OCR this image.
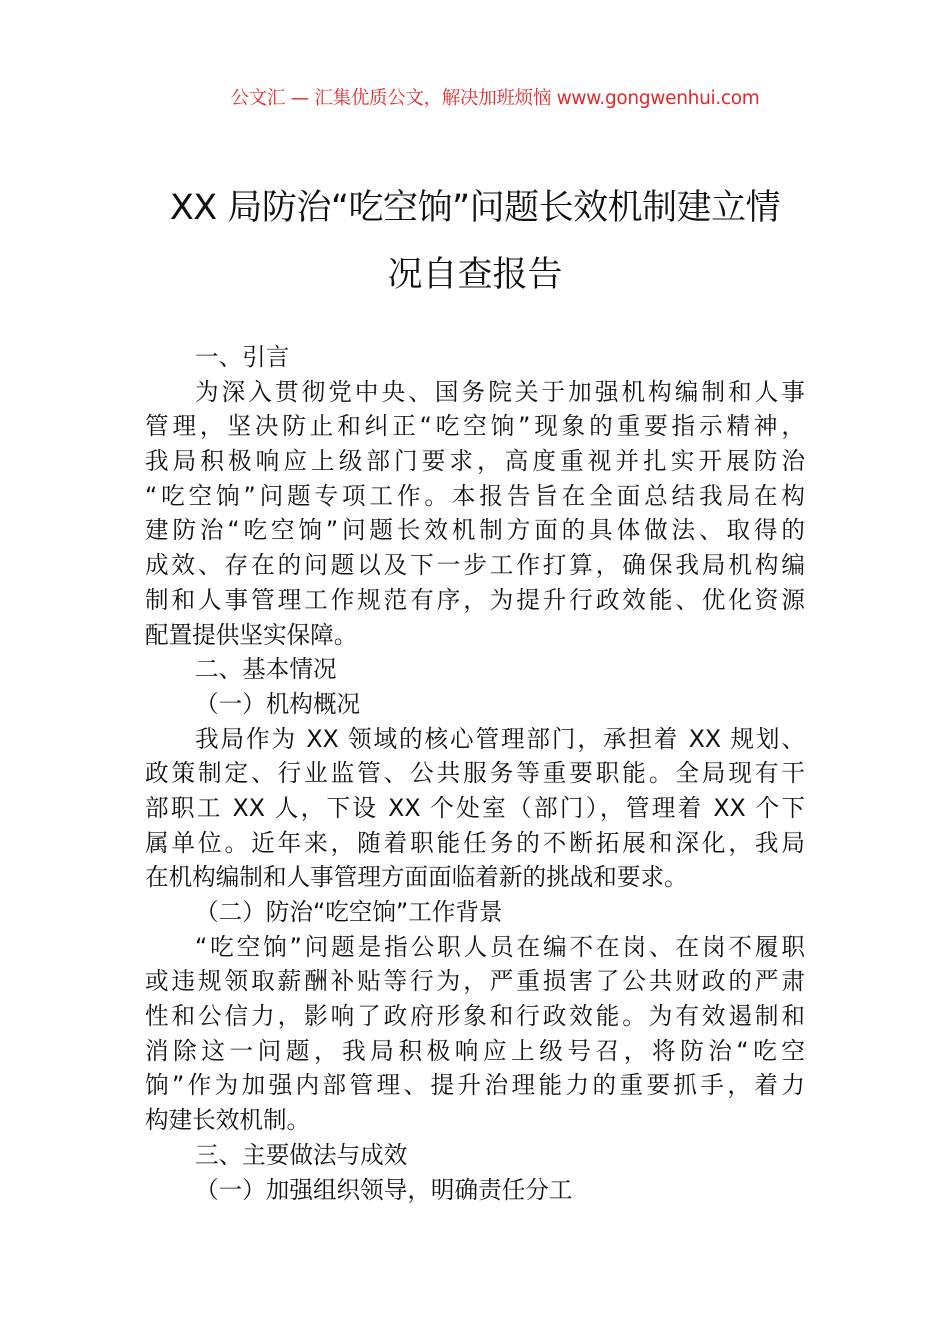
公文汇 — 汇集优质公文，解决加班烦恼 www.gongwenhui.com
XX 局防治“吃空饷”问题长效机制建立情
况自查报告
一、引言
为深入贯彻党中央、国务院关于加强机构编制和人事
管理，坚决防止和纠正“吃空饷”现象的重要指示精神，
我局积极响应上级部门要求，高度重视并扎实开展防治
“吃空饷”问题专项工作。本报告旨在全面总结我局在构
建防治“吃空饷”问题长效机制方面的具体做法、取得的
成效、存在的问题以及下一步工作打算，确保我局机构编
制和人事管理工作规范有序，为提升行政效能、优化资源
配置提供坚实保障。
二、基本情况
（一）机构概况
我局作为 XX 领域的核心管理部门，承担着 XX 规划、
政策制定、行业监管、公共服务等重要职能。全局现有干
部职工 XX 人，下设 XX 个处室（部门），管理着 XX 个下
属单位。近年来，随着职能任务的不断拓展和深化，我局
在机构编制和人事管理方面面临着新的挑战和要求。
（二）防治“吃空饷”工作背景
“吃空饷”问题是指公职人员在编不在岗、在岗不履职
或违规领取薪酬补贴等行为，严重损害了公共财政的严肃
性和公信力，影响了政府形象和行政效能。为有效遏制和
消除这一问题，我局积极响应上级号召，将防治“吃空
饷”作为加强内部管理、提升治理能力的重要抓手，着力
构建长效机制。
三、主要做法与成效
（一）加强组织领导，明确责任分工
